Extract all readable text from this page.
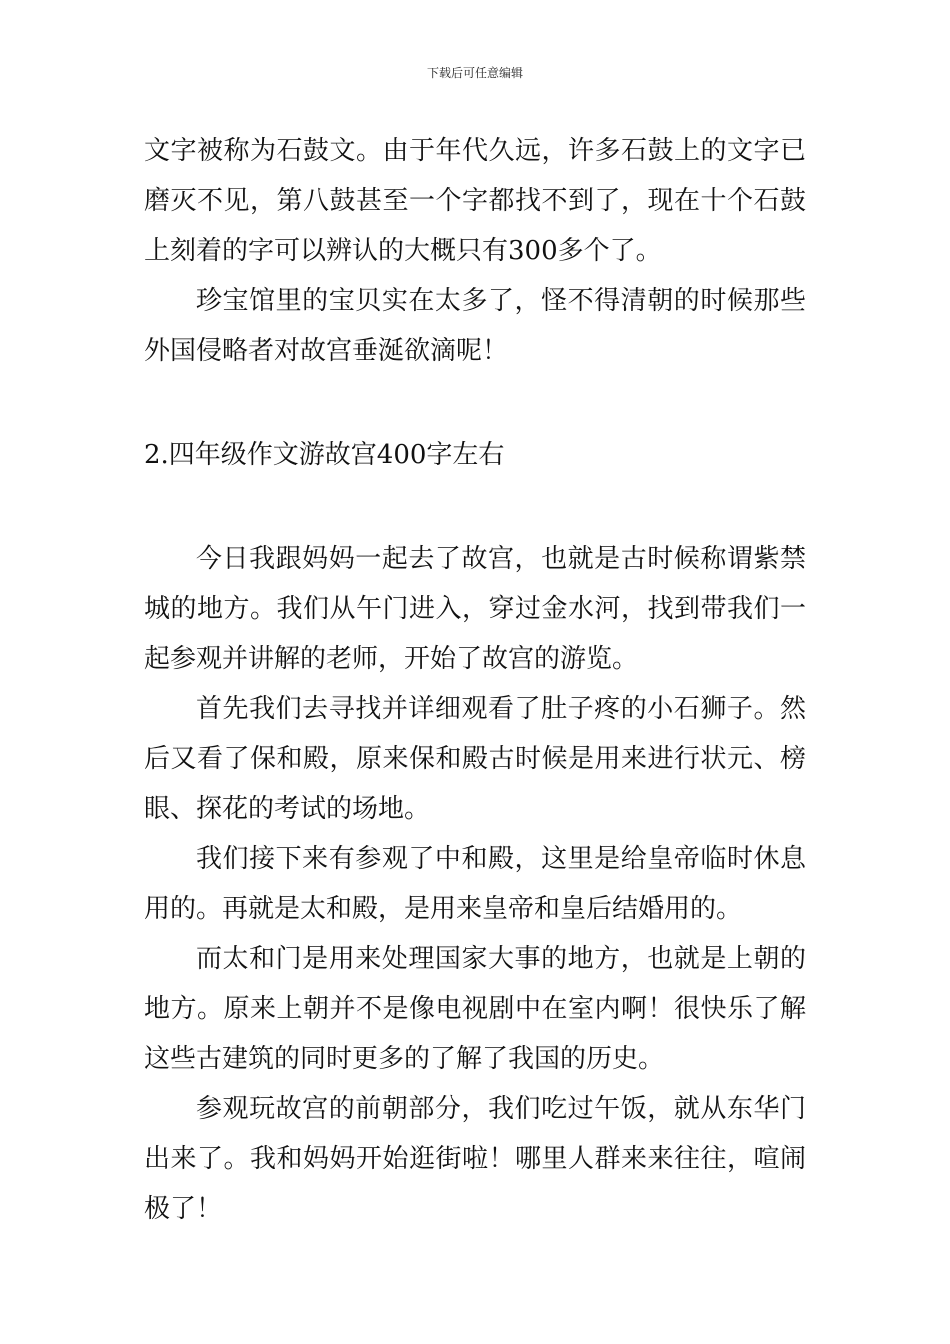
下载后可任意编辑

文字被称为石鼓文。由于年代久远，许多石鼓上的文字已磨灭不见，第八鼓甚至一个字都找不到了，现在十个石鼓上刻着的字可以辨认的大概只有300多个了。

珍宝馆里的宝贝实在太多了，怪不得清朝的时候那些外国侵略者对故宫垂涎欲滴呢！

2.四年级作文游故宫400字左右

今日我跟妈妈一起去了故宫，也就是古时候称谓紫禁城的地方。我们从午门进入，穿过金水河，找到带我们一起参观并讲解的老师，开始了故宫的游览。

首先我们去寻找并详细观看了肚子疼的小石狮子。然后又看了保和殿，原来保和殿古时候是用来进行状元、榜眼、探花的考试的场地。

我们接下来有参观了中和殿，这里是给皇帝临时休息用的。再就是太和殿，是用来皇帝和皇后结婚用的。

而太和门是用来处理国家大事的地方，也就是上朝的地方。原来上朝并不是像电视剧中在室内啊！很快乐了解这些古建筑的同时更多的了解了我国的历史。

参观玩故宫的前朝部分，我们吃过午饭，就从东华门出来了。我和妈妈开始逛街啦！哪里人群来来往往，喧闹极了！
